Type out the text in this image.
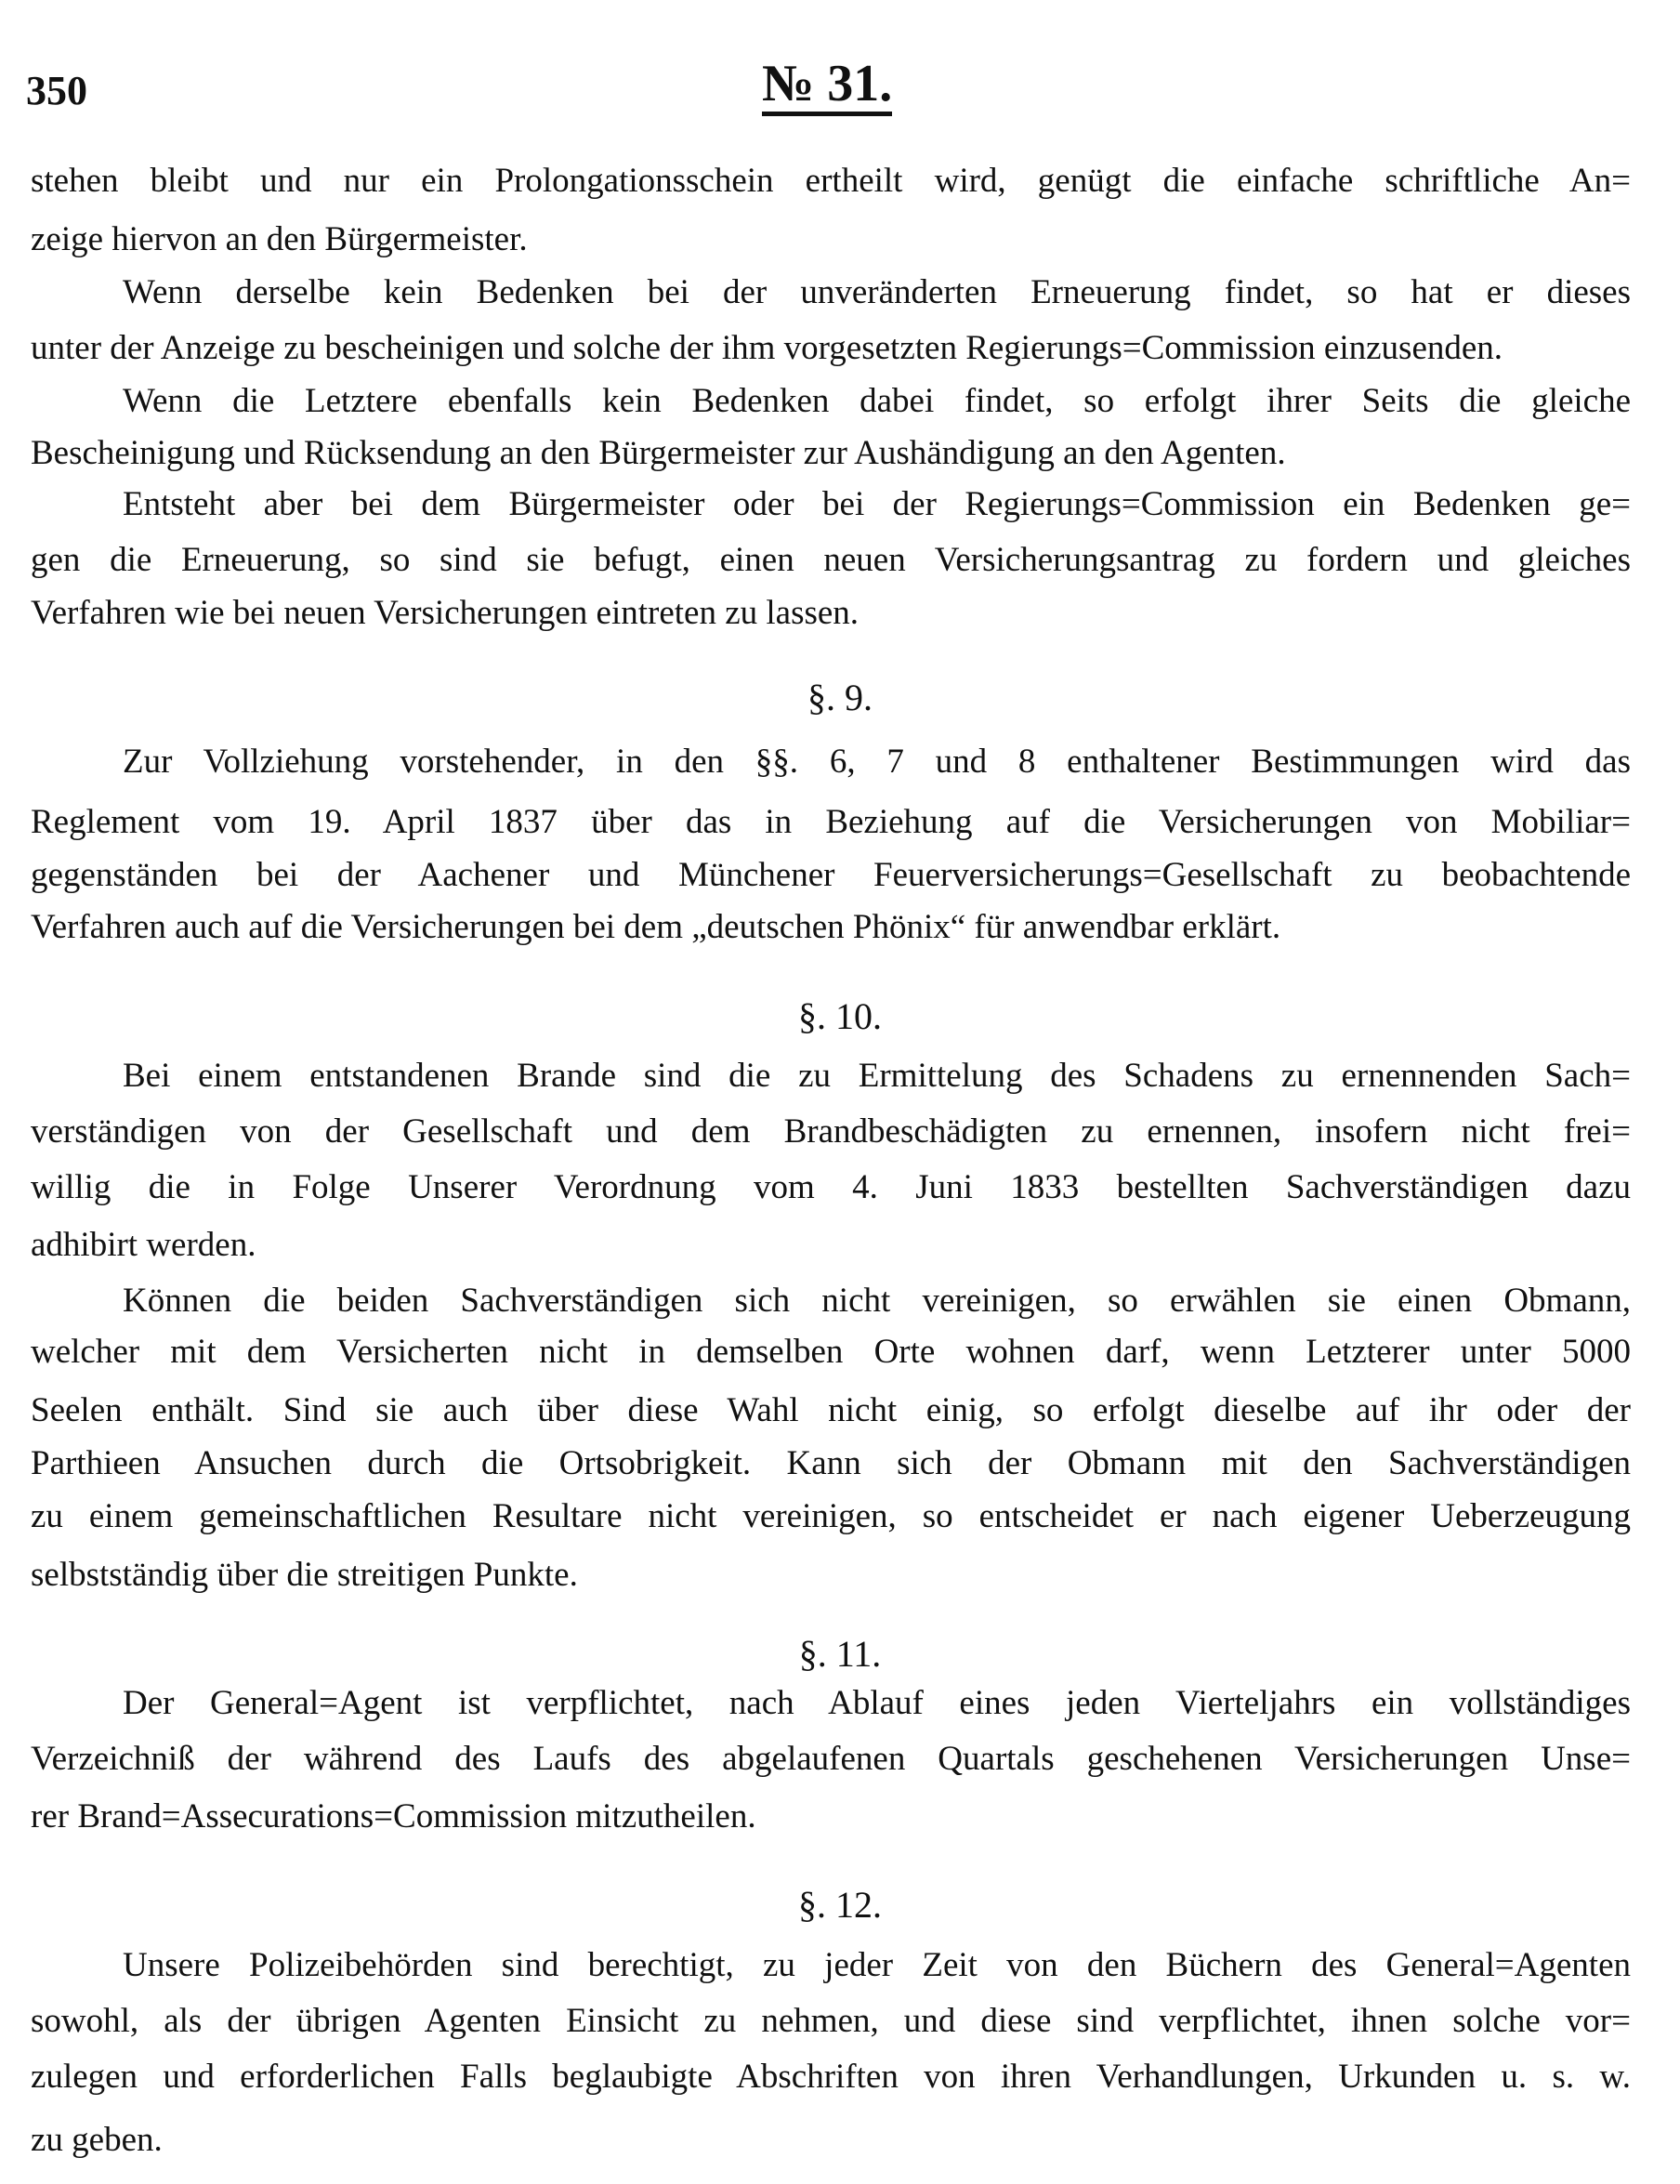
350	№ 31.
stehen bleibt und nur ein Prolongationsschein ertheilt wird, genügt die einfache schriftliche An=
zeige hiervon an den Bürgermeister.
Wenn derselbe kein Bedenken bei der unveränderten Erneuerung findet, so hat er dieses
unter der Anzeige zu bescheinigen und solche der ihm vorgesetzten Regierungs=Commission einzusenden.
Wenn die Letztere ebenfalls kein Bedenken dabei findet, so erfolgt ihrer Seits die gleiche
Bescheinigung und Rücksendung an den Bürgermeister zur Aushändigung an den Agenten.
Entsteht aber bei dem Bürgermeister oder bei der Regierungs=Commission ein Bedenken ge=
gen die Erneuerung, so sind sie befugt, einen neuen Versicherungsantrag zu fordern und gleiches
Verfahren wie bei neuen Versicherungen eintreten zu lassen.
§. 9.
Zur Vollziehung vorstehender, in den §§. 6, 7 und 8 enthaltener Bestimmungen wird das
Reglement vom 19. April 1837 über das in Beziehung auf die Versicherungen von Mobiliar=
gegenständen bei der Aachener und Münchener Feuerversicherungs=Gesellschaft zu beobachtende
Verfahren auch auf die Versicherungen bei dem „deutschen Phönix“ für anwendbar erklärt.
§. 10.
Bei einem entstandenen Brande sind die zu Ermittelung des Schadens zu ernennenden Sach=
verständigen von der Gesellschaft und dem Brandbeschädigten zu ernennen, insofern nicht frei=
willig die in Folge Unserer Verordnung vom 4. Juni 1833 bestellten Sachverständigen dazu
adhibirt werden.
Können die beiden Sachverständigen sich nicht vereinigen, so erwählen sie einen Obmann,
welcher mit dem Versicherten nicht in demselben Orte wohnen darf, wenn Letzterer unter 5000
Seelen enthält. Sind sie auch über diese Wahl nicht einig, so erfolgt dieselbe auf ihr oder der
Parthieen Ansuchen durch die Ortsobrigkeit. Kann sich der Obmann mit den Sachverständigen
zu einem gemeinschaftlichen Resultare nicht vereinigen, so entscheidet er nach eigener Ueberzeugung
selbstständig über die streitigen Punkte.
§. 11.
Der General=Agent ist verpflichtet, nach Ablauf eines jeden Vierteljahrs ein vollständiges
Verzeichniß der während des Laufs des abgelaufenen Quartals geschehenen Versicherungen Unse=
rer Brand=Assecurations=Commission mitzutheilen.
§. 12.
Unsere Polizeibehörden sind berechtigt, zu jeder Zeit von den Büchern des General=Agenten
sowohl, als der übrigen Agenten Einsicht zu nehmen, und diese sind verpflichtet, ihnen solche vor=
zulegen und erforderlichen Falls beglaubigte Abschriften von ihren Verhandlungen, Urkunden u. s. w.
zu geben.
